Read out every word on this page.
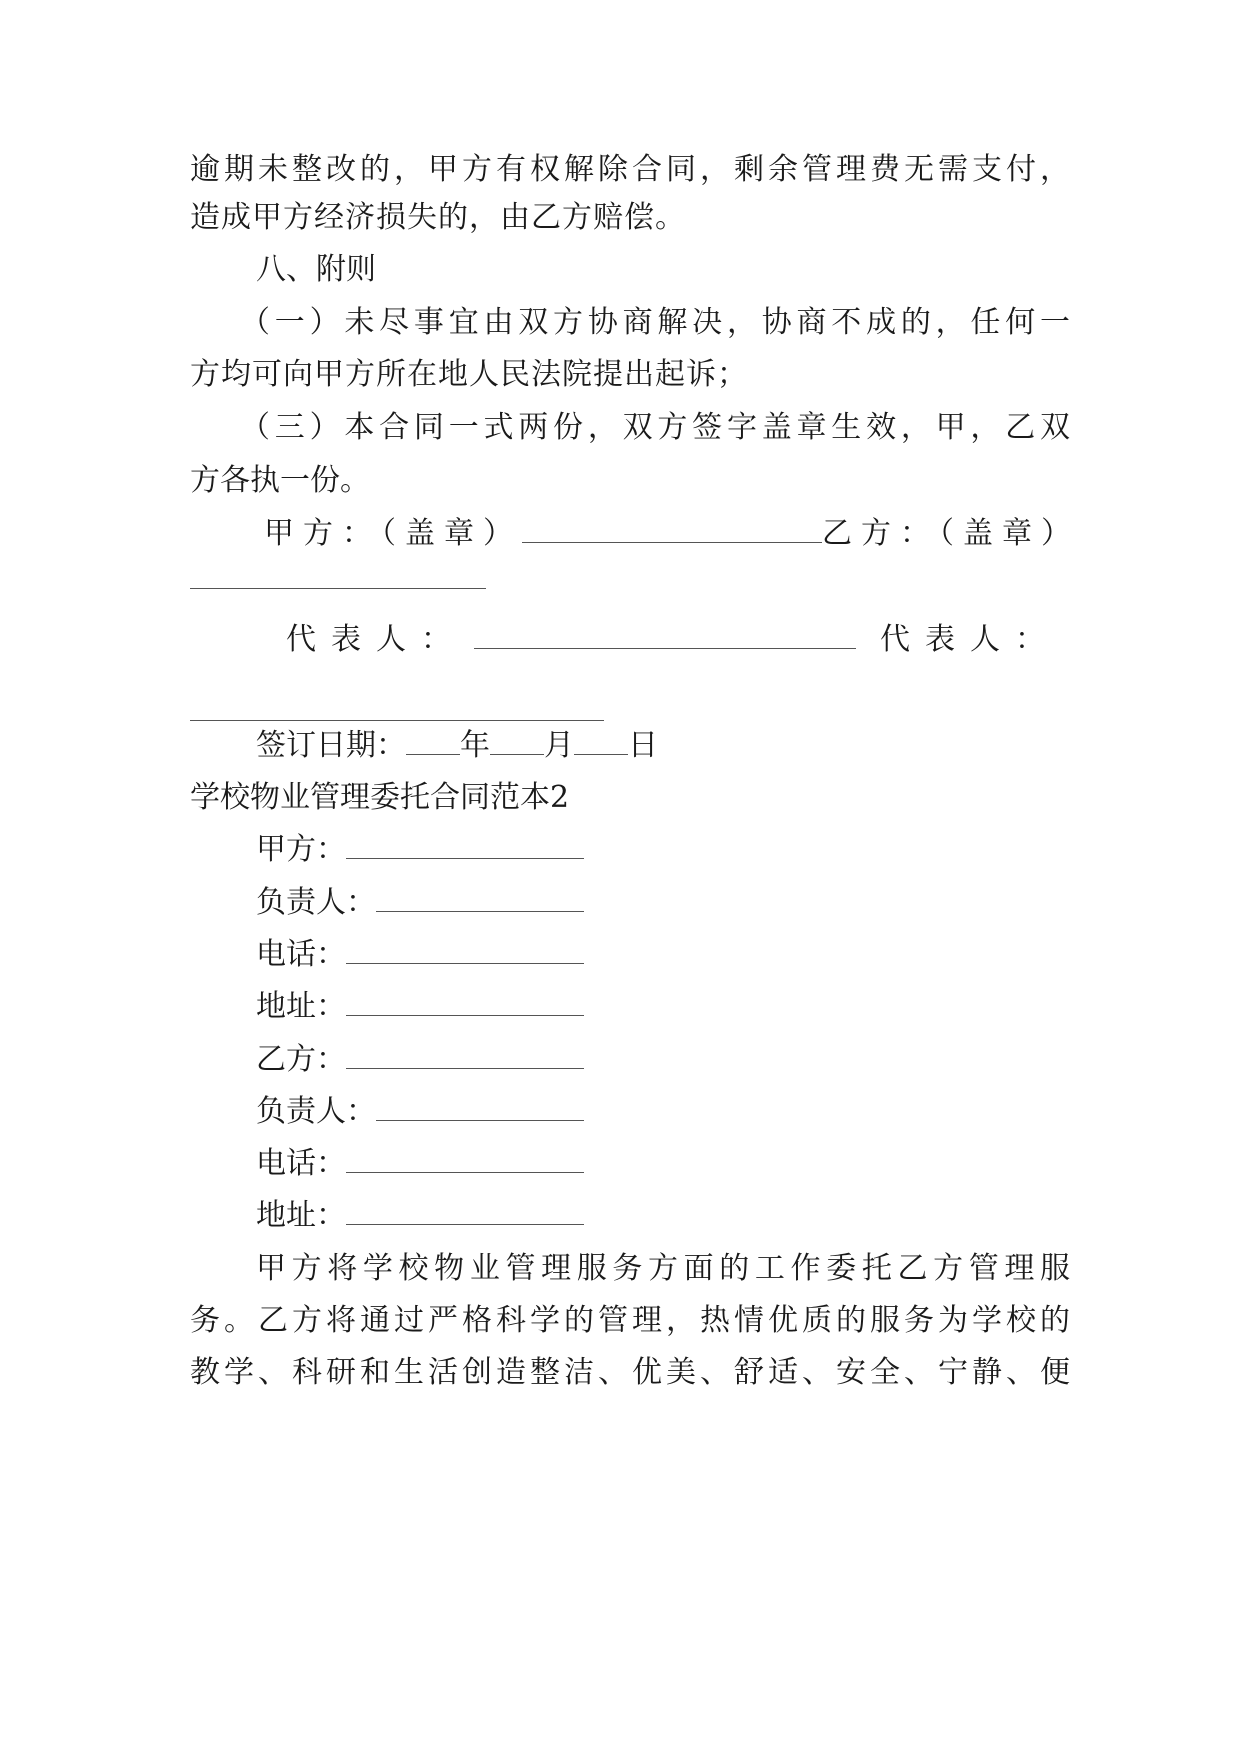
逾期未整改的，甲方有权解除合同，剩余管理费无需支付，
造成甲方经济损失的，由乙方赔偿。
八、附则
（一）未尽事宜由双方协商解决，协商不成的，任何一
方均可向甲方所在地人民法院提出起诉；
（三）本合同一式两份，双方签字盖章生效，甲，乙双
方各执一份。
甲方：（盖章）	乙方：（盖章）
代表人：	代表人：
签订日期： 年 月 日
学校物业管理委托合同范本2
甲方：
负责人：
电话：
地址：
乙方：
负责人：
电话：
地址：
甲方将学校物业管理服务方面的工作委托乙方管理服
务。乙方将通过严格科学的管理，热情优质的服务为学校的
教学、科研和生活创造整洁、优美、舒适、安全、宁静、便
